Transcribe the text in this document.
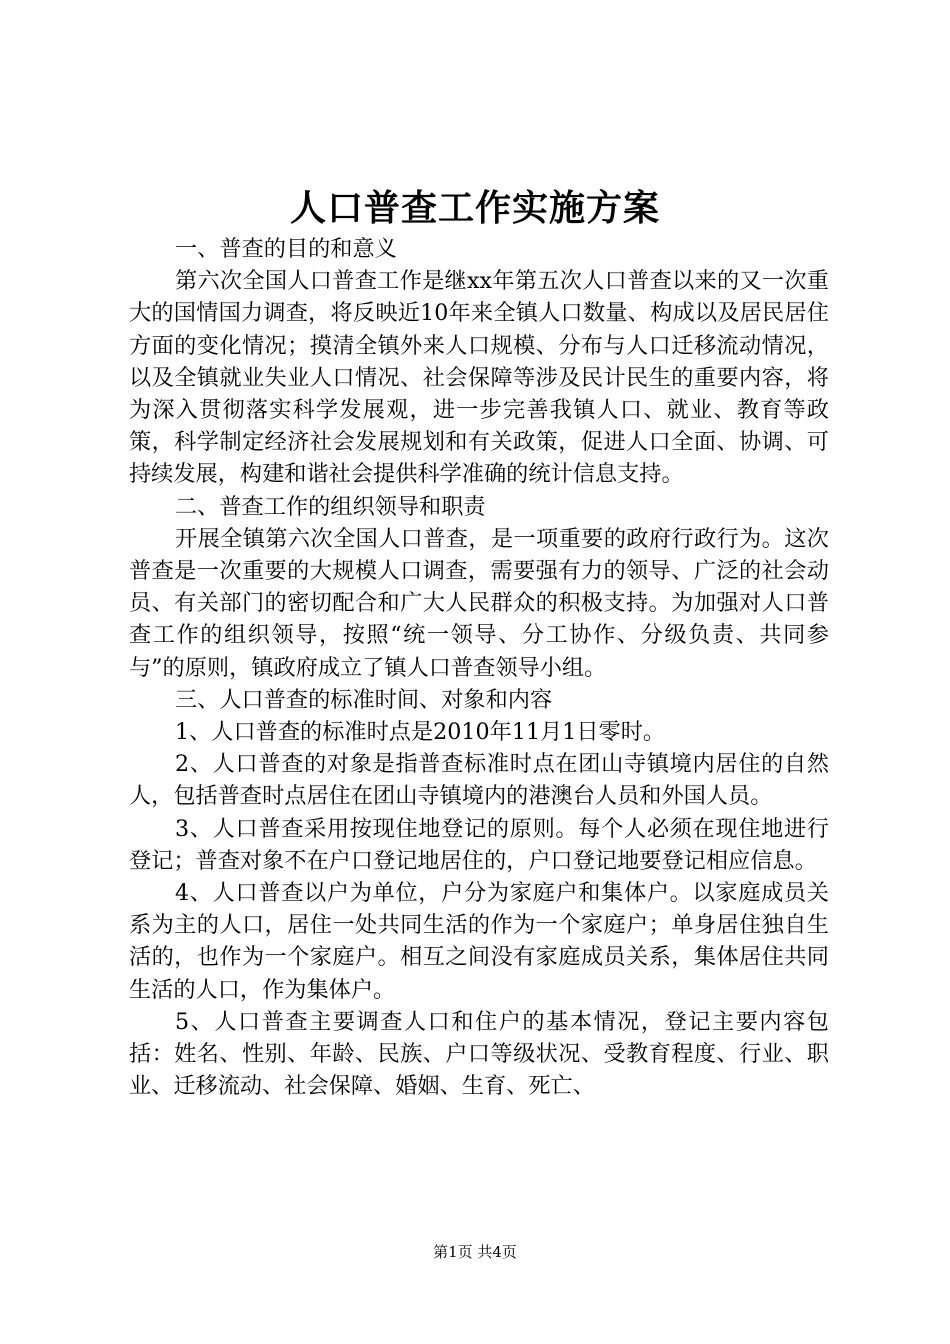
人口普查工作实施方案

一、普查的目的和意义

第六次全国人口普查工作是继xx年第五次人口普查以来的又一次重大的国情国力调查，将反映近10年来全镇人口数量、构成以及居民居住方面的变化情况；摸清全镇外来人口规模、分布与人口迁移流动情况，以及全镇就业失业人口情况、社会保障等涉及民计民生的重要内容，将为深入贯彻落实科学发展观，进一步完善我镇人口、就业、教育等政策，科学制定经济社会发展规划和有关政策，促进人口全面、协调、可持续发展，构建和谐社会提供科学准确的统计信息支持。

二、普查工作的组织领导和职责

开展全镇第六次全国人口普查，是一项重要的政府行政行为。这次普查是一次重要的大规模人口调查，需要强有力的领导、广泛的社会动员、有关部门的密切配合和广大人民群众的积极支持。为加强对人口普查工作的组织领导，按照“统一领导、分工协作、分级负责、共同参与”的原则，镇政府成立了镇人口普查领导小组。

三、人口普查的标准时间、对象和内容

1、人口普查的标准时点是2010年11月1日零时。

2、人口普查的对象是指普查标准时点在团山寺镇境内居住的自然人，包括普查时点居住在团山寺镇境内的港澳台人员和外国人员。

3、人口普查采用按现住地登记的原则。每个人必须在现住地进行登记；普查对象不在户口登记地居住的，户口登记地要登记相应信息。

4、人口普查以户为单位，户分为家庭户和集体户。以家庭成员关系为主的人口，居住一处共同生活的作为一个家庭户；单身居住独自生活的，也作为一个家庭户。相互之间没有家庭成员关系，集体居住共同生活的人口，作为集体户。

5、人口普查主要调查人口和住户的基本情况，登记主要内容包括：姓名、性别、年龄、民族、户口等级状况、受教育程度、行业、职业、迁移流动、社会保障、婚姻、生育、死亡、

第1页 共4页
